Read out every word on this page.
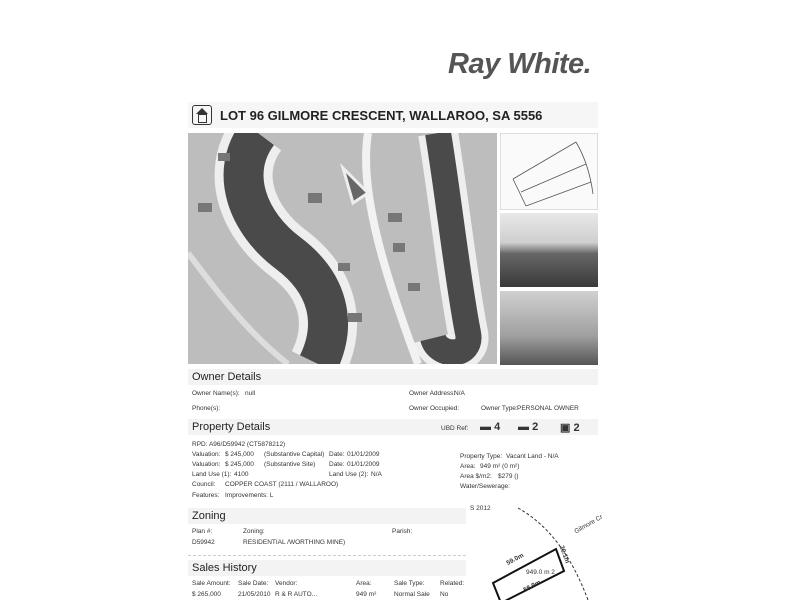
Ray White.
LOT 96 GILMORE CRESCENT, WALLAROO, SA 5556
Owner Details
Owner Name(s): null	Owner Address:
N/A
Phone(s):	Owner Occupied:	Owner Type: PERSONAL OWNER
Property Details	UBD Ref: ▬ 4 ▬ 2 ▣ 2
RPD: A96/D59942 (CT5878212)
Valuation: $ 245,000 (Substantive Capital) Date: 01/01/2009
Valuation: $ 245,000 (Substantive Site) Date: 01/01/2009
Land Use (1): 4100	Land Use (2): N/A
Council: COPPER COAST (2111 / WALLAROO)
Features: Improvements: L
Property Type: Vacant Land - N/A
Area: 949 m² (0 m²)
Area $/m2: $279 ()
Water/Sewerage:
Zoning
Plan #:
D59942
Zoning:
RESIDENTIAL /WORTHING MINE)
Parish:
Sales History
Sale Amount: Sale Date: Vendor:	Area:	Sale Type: Related:
$ 265,000	21/05/2010 R & R AUTO...	949 m²	Normal Sale No
S 2012
Gilmore Cr
59.0m	20.1m
58.9m
949.0 m 2
